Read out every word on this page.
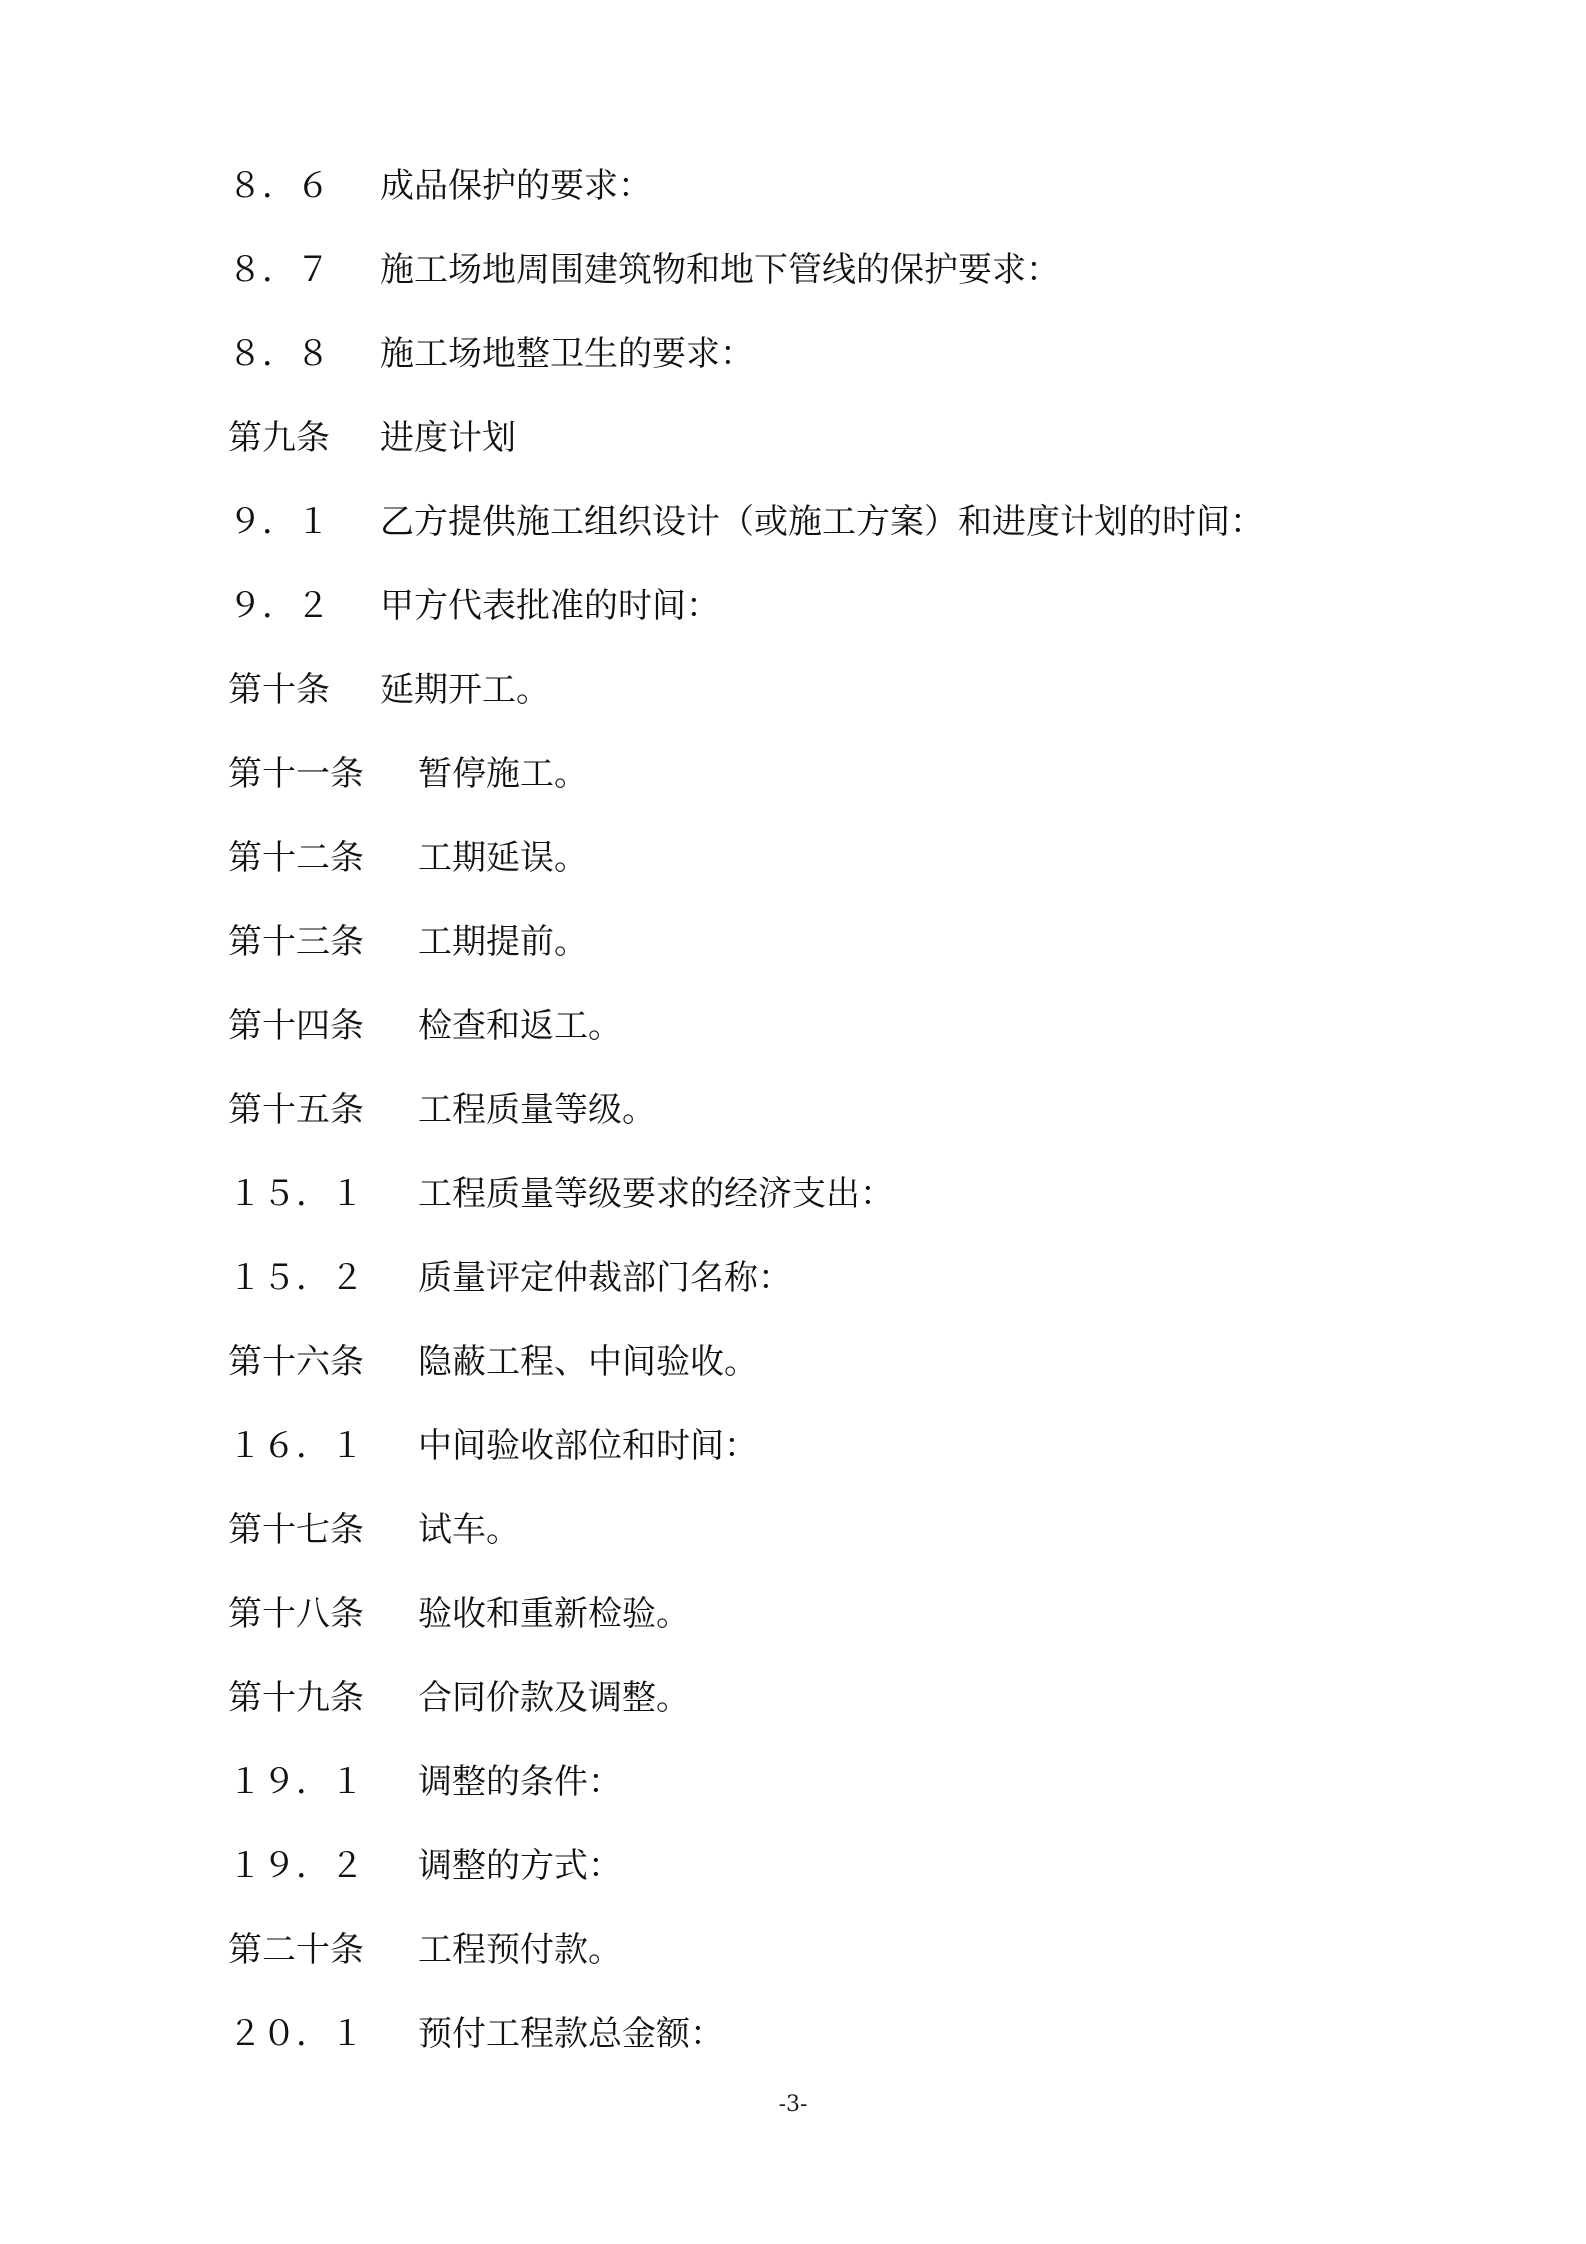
８．６	成品保护的要求：
８．７	施工场地周围建筑物和地下管线的保护要求：
８．８	施工场地整卫生的要求：
第九条	进度计划
９．１	乙方提供施工组织设计（或施工方案）和进度计划的时间：
９．２	甲方代表批准的时间：
第十条	延期开工。
第十一条	暂停施工。
第十二条	工期延误。
第十三条	工期提前。
第十四条	检查和返工。
第十五条	工程质量等级。
１５．１	工程质量等级要求的经济支出：
１５．２	质量评定仲裁部门名称：
第十六条	隐蔽工程、中间验收。
１６．１	中间验收部位和时间：
第十七条	试车。
第十八条	验收和重新检验。
第十九条	合同价款及调整。
１９．１	调整的条件：
１９．２	调整的方式：
第二十条	工程预付款。
２０．１	预付工程款总金额：
-3-
